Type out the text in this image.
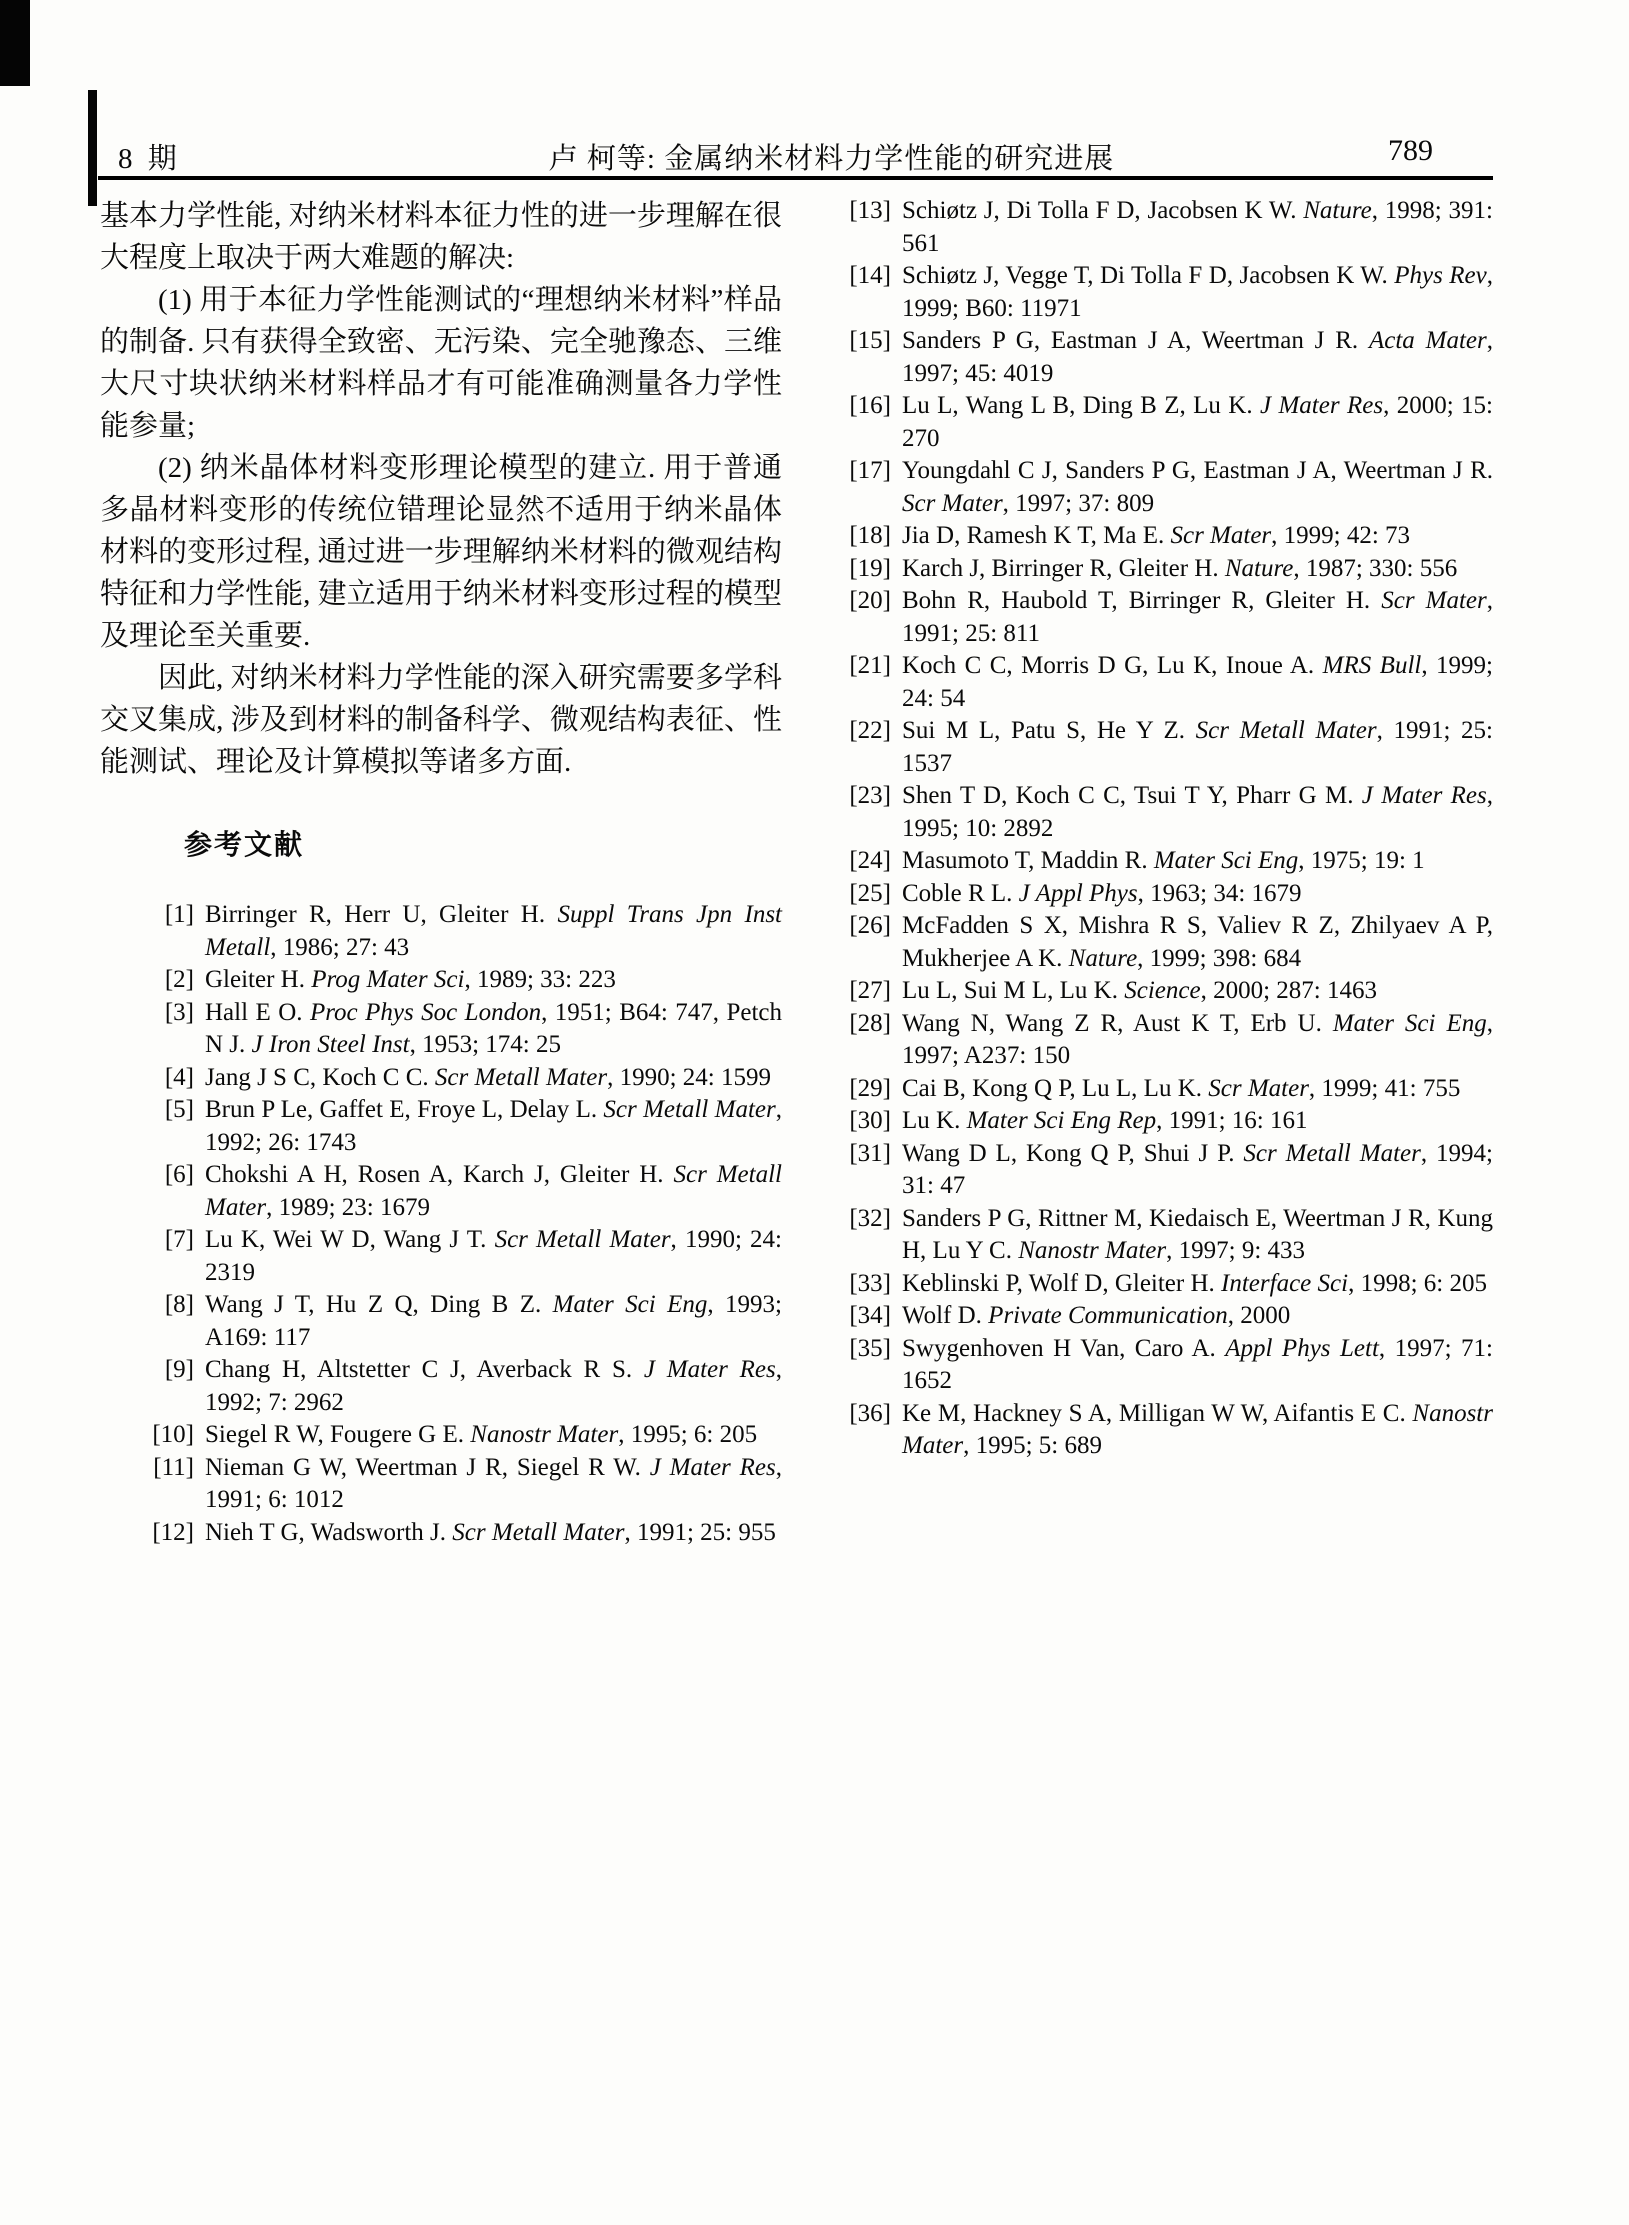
8 期	卢 柯等: 金属纳米材料力学性能的研究进展	789

基本力学性能, 对纳米材料本征力性的进一步理解在很大程度上取决于两大难题的解决:

(1) 用于本征力学性能测试的“理想纳米材料”样品的制备. 只有获得全致密、无污染、完全驰豫态、三维大尺寸块状纳米材料样品才有可能准确测量各力学性能参量;

(2) 纳米晶体材料变形理论模型的建立. 用于普通多晶材料变形的传统位错理论显然不适用于纳米晶体材料的变形过程, 通过进一步理解纳米材料的微观结构特征和力学性能, 建立适用于纳米材料变形过程的模型及理论至关重要.

因此, 对纳米材料力学性能的深入研究需要多学科交叉集成, 涉及到材料的制备科学、微观结构表征、性能测试、理论及计算模拟等诸多方面.

参考文献
[1] Birringer R, Herr U, Gleiter H. Suppl Trans Jpn Inst Metall, 1986; 27: 43
[2] Gleiter H. Prog Mater Sci, 1989; 33: 223
[3] Hall E O. Proc Phys Soc London, 1951; B64: 747, Petch N J. J Iron Steel Inst, 1953; 174: 25
[4] Jang J S C, Koch C C. Scr Metall Mater, 1990; 24: 1599
[5] Brun P Le, Gaffet E, Froye L, Delay L. Scr Metall Mater, 1992; 26: 1743
[6] Chokshi A H, Rosen A, Karch J, Gleiter H. Scr Metall Mater, 1989; 23: 1679
[7] Lu K, Wei W D, Wang J T. Scr Metall Mater, 1990; 24: 2319
[8] Wang J T, Hu Z Q, Ding B Z. Mater Sci Eng, 1993; A169: 117
[9] Chang H, Altstetter C J, Averback R S. J Mater Res, 1992; 7: 2962
[10] Siegel R W, Fougere G E. Nanostr Mater, 1995; 6: 205
[11] Nieman G W, Weertman J R, Siegel R W. J Mater Res, 1991; 6: 1012
[12] Nieh T G, Wadsworth J. Scr Metall Mater, 1991; 25: 955
[13] Schiøtz J, Di Tolla F D, Jacobsen K W. Nature, 1998; 391: 561
[14] Schiøtz J, Vegge T, Di Tolla F D, Jacobsen K W. Phys Rev, 1999; B60: 11971
[15] Sanders P G, Eastman J A, Weertman J R. Acta Mater, 1997; 45: 4019
[16] Lu L, Wang L B, Ding B Z, Lu K. J Mater Res, 2000; 15: 270
[17] Youngdahl C J, Sanders P G, Eastman J A, Weertman J R. Scr Mater, 1997; 37: 809
[18] Jia D, Ramesh K T, Ma E. Scr Mater, 1999; 42: 73
[19] Karch J, Birringer R, Gleiter H. Nature, 1987; 330: 556
[20] Bohn R, Haubold T, Birringer R, Gleiter H. Scr Mater, 1991; 25: 811
[21] Koch C C, Morris D G, Lu K, Inoue A. MRS Bull, 1999; 24: 54
[22] Sui M L, Patu S, He Y Z. Scr Metall Mater, 1991; 25: 1537
[23] Shen T D, Koch C C, Tsui T Y, Pharr G M. J Mater Res, 1995; 10: 2892
[24] Masumoto T, Maddin R. Mater Sci Eng, 1975; 19: 1
[25] Coble R L. J Appl Phys, 1963; 34: 1679
[26] McFadden S X, Mishra R S, Valiev R Z, Zhilyaev A P, Mukherjee A K. Nature, 1999; 398: 684
[27] Lu L, Sui M L, Lu K. Science, 2000; 287: 1463
[28] Wang N, Wang Z R, Aust K T, Erb U. Mater Sci Eng, 1997; A237: 150
[29] Cai B, Kong Q P, Lu L, Lu K. Scr Mater, 1999; 41: 755
[30] Lu K. Mater Sci Eng Rep, 1991; 16: 161
[31] Wang D L, Kong Q P, Shui J P. Scr Metall Mater, 1994; 31: 47
[32] Sanders P G, Rittner M, Kiedaisch E, Weertman J R, Kung H, Lu Y C. Nanostr Mater, 1997; 9: 433
[33] Keblinski P, Wolf D, Gleiter H. Interface Sci, 1998; 6: 205
[34] Wolf D. Private Communication, 2000
[35] Swygenhoven H Van, Caro A. Appl Phys Lett, 1997; 71: 1652
[36] Ke M, Hackney S A, Milligan W W, Aifantis E C. Nanostr Mater, 1995; 5: 689
